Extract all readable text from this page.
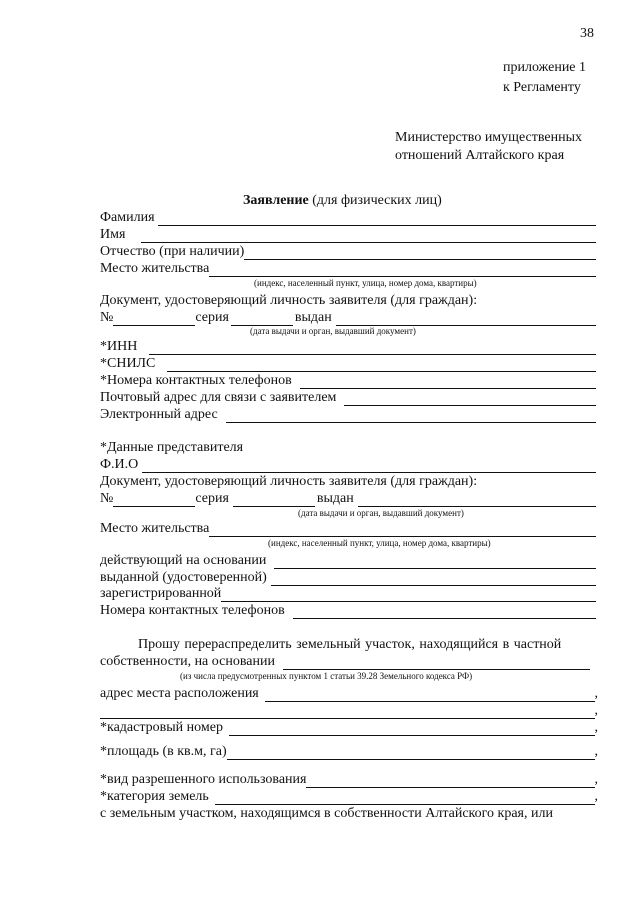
38
приложение 1
к Регламенту
Министерство имущественных
отношений Алтайского края
Заявление (для физических лиц)
Фамилия
Имя
Отчество (при наличии)
Место жительства
(индекс, населенный пункт, улица, номер дома, квартиры)
Документ, удостоверяющий личность заявителя (для граждан):
№	серия	выдан
(дата выдачи и орган, выдавший документ)
*ИНН
*СНИЛС
*Номера контактных телефонов
Почтовый адрес для связи с заявителем
Электронный адрес
*Данные представителя
Ф.И.О
Документ, удостоверяющий личность заявителя (для граждан):
№	серия	выдан
(дата выдачи и орган, выдавший документ)
Место жительства
(индекс, населенный пункт, улица, номер дома, квартиры)
действующий на основании
выданной (удостоверенной)
зарегистрированной
Номера контактных телефонов
Прошу перераспределить земельный участок, находящийся в частной
собственности, на основании
(из числа предусмотренных пунктом 1 статьи 39.28 Земельного кодекса РФ)
адрес места расположения	,
,
*кадастровый номер	,
*площадь (в кв.м, га)	,
*вид разрешенного использования	,
*категория земель	,
с земельным участком, находящимся в собственности Алтайского края, или
